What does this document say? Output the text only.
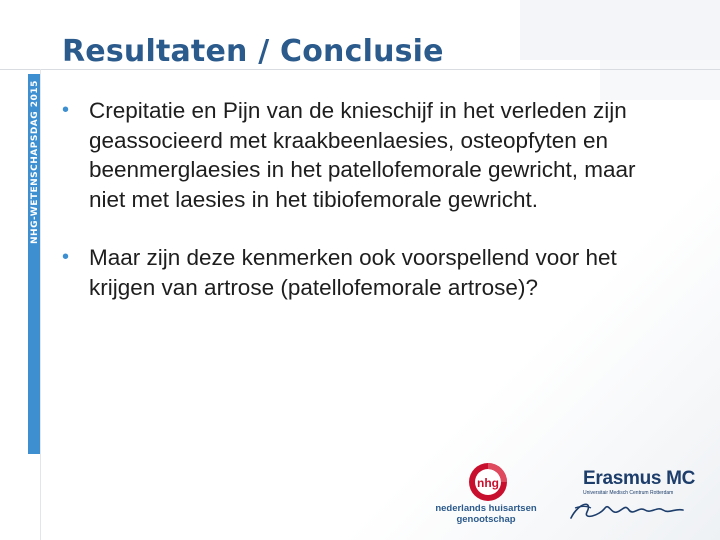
NHG-WETENSCHAPSDAG 2015
Resultaten / Conclusie
• Crepitatie en Pijn van de knieschijf in het verleden zijn geassocieerd met kraakbeenlaesies, osteopfyten en beenmerglaesies in het patellofemorale gewricht, maar niet met laesies in het tibiofemorale gewricht.
• Maar zijn deze kenmerken ook voorspellend voor het krijgen van artrose (patellofemorale artrose)?
nhg
nederlands huisartsen
genootschap
Erasmus MC
Universitair Medisch Centrum Rotterdam
